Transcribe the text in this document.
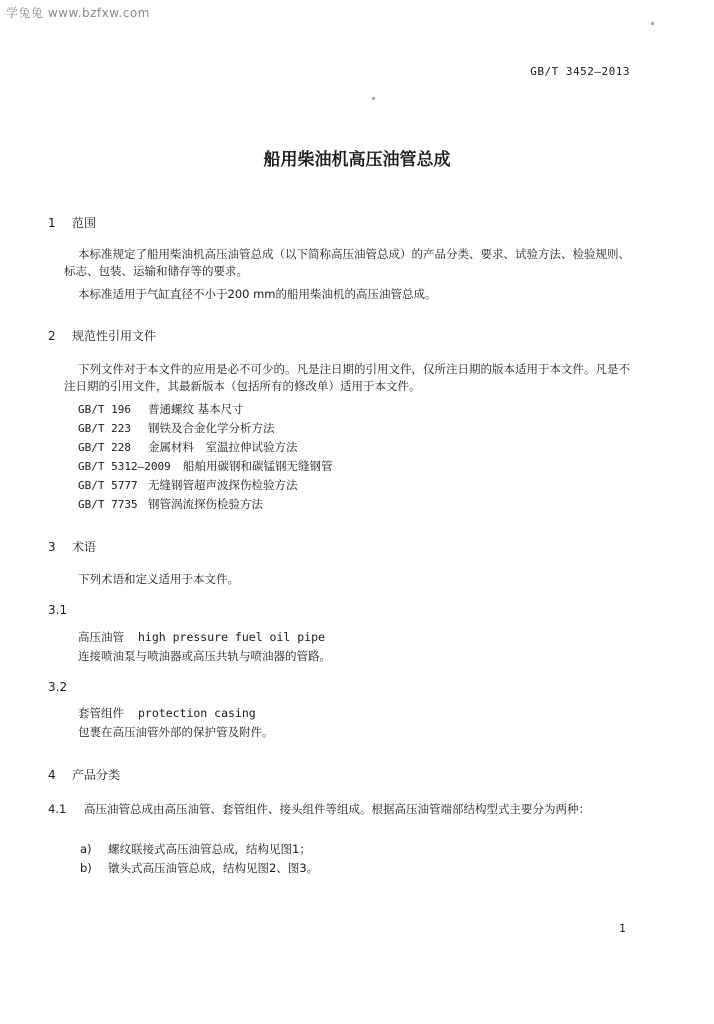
学兔兔 www.bzfxw.com
GB/T 3452—2013
船用柴油机高压油管总成
1 范围
本标准规定了船用柴油机高压油管总成（以下简称高压油管总成）的产品分类、要求、试验方法、检验规则、标志、包装、运输和储存等的要求。
本标准适用于气缸直径不小于200 mm的船用柴油机的高压油管总成。
2 规范性引用文件
下列文件对于本文件的应用是必不可少的。凡是注日期的引用文件，仅所注日期的版本适用于本文件。凡是不注日期的引用文件，其最新版本（包括所有的修改单）适用于本文件。
GB/T 196 普通螺纹 基本尺寸
GB/T 223 钢铁及合金化学分析方法
GB/T 228 金属材料　室温拉伸试验方法
GB/T 5312—2009 船舶用碳钢和碳锰钢无缝钢管
GB/T 5777 无缝钢管超声波探伤检验方法
GB/T 7735 钢管涡流探伤检验方法
3 术语
下列术语和定义适用于本文件。
3.1
高压油管 high pressure fuel oil pipe
连接喷油泵与喷油器或高压共轨与喷油器的管路。
3.2
套管组件 protection casing
包裹在高压油管外部的保护管及附件。
4 产品分类
4.1 高压油管总成由高压油管、套管组件、接头组件等组成。根据高压油管端部结构型式主要分为两种：
a) 螺纹联接式高压油管总成，结构见图1；
b) 镦头式高压油管总成，结构见图2、图3。
1
